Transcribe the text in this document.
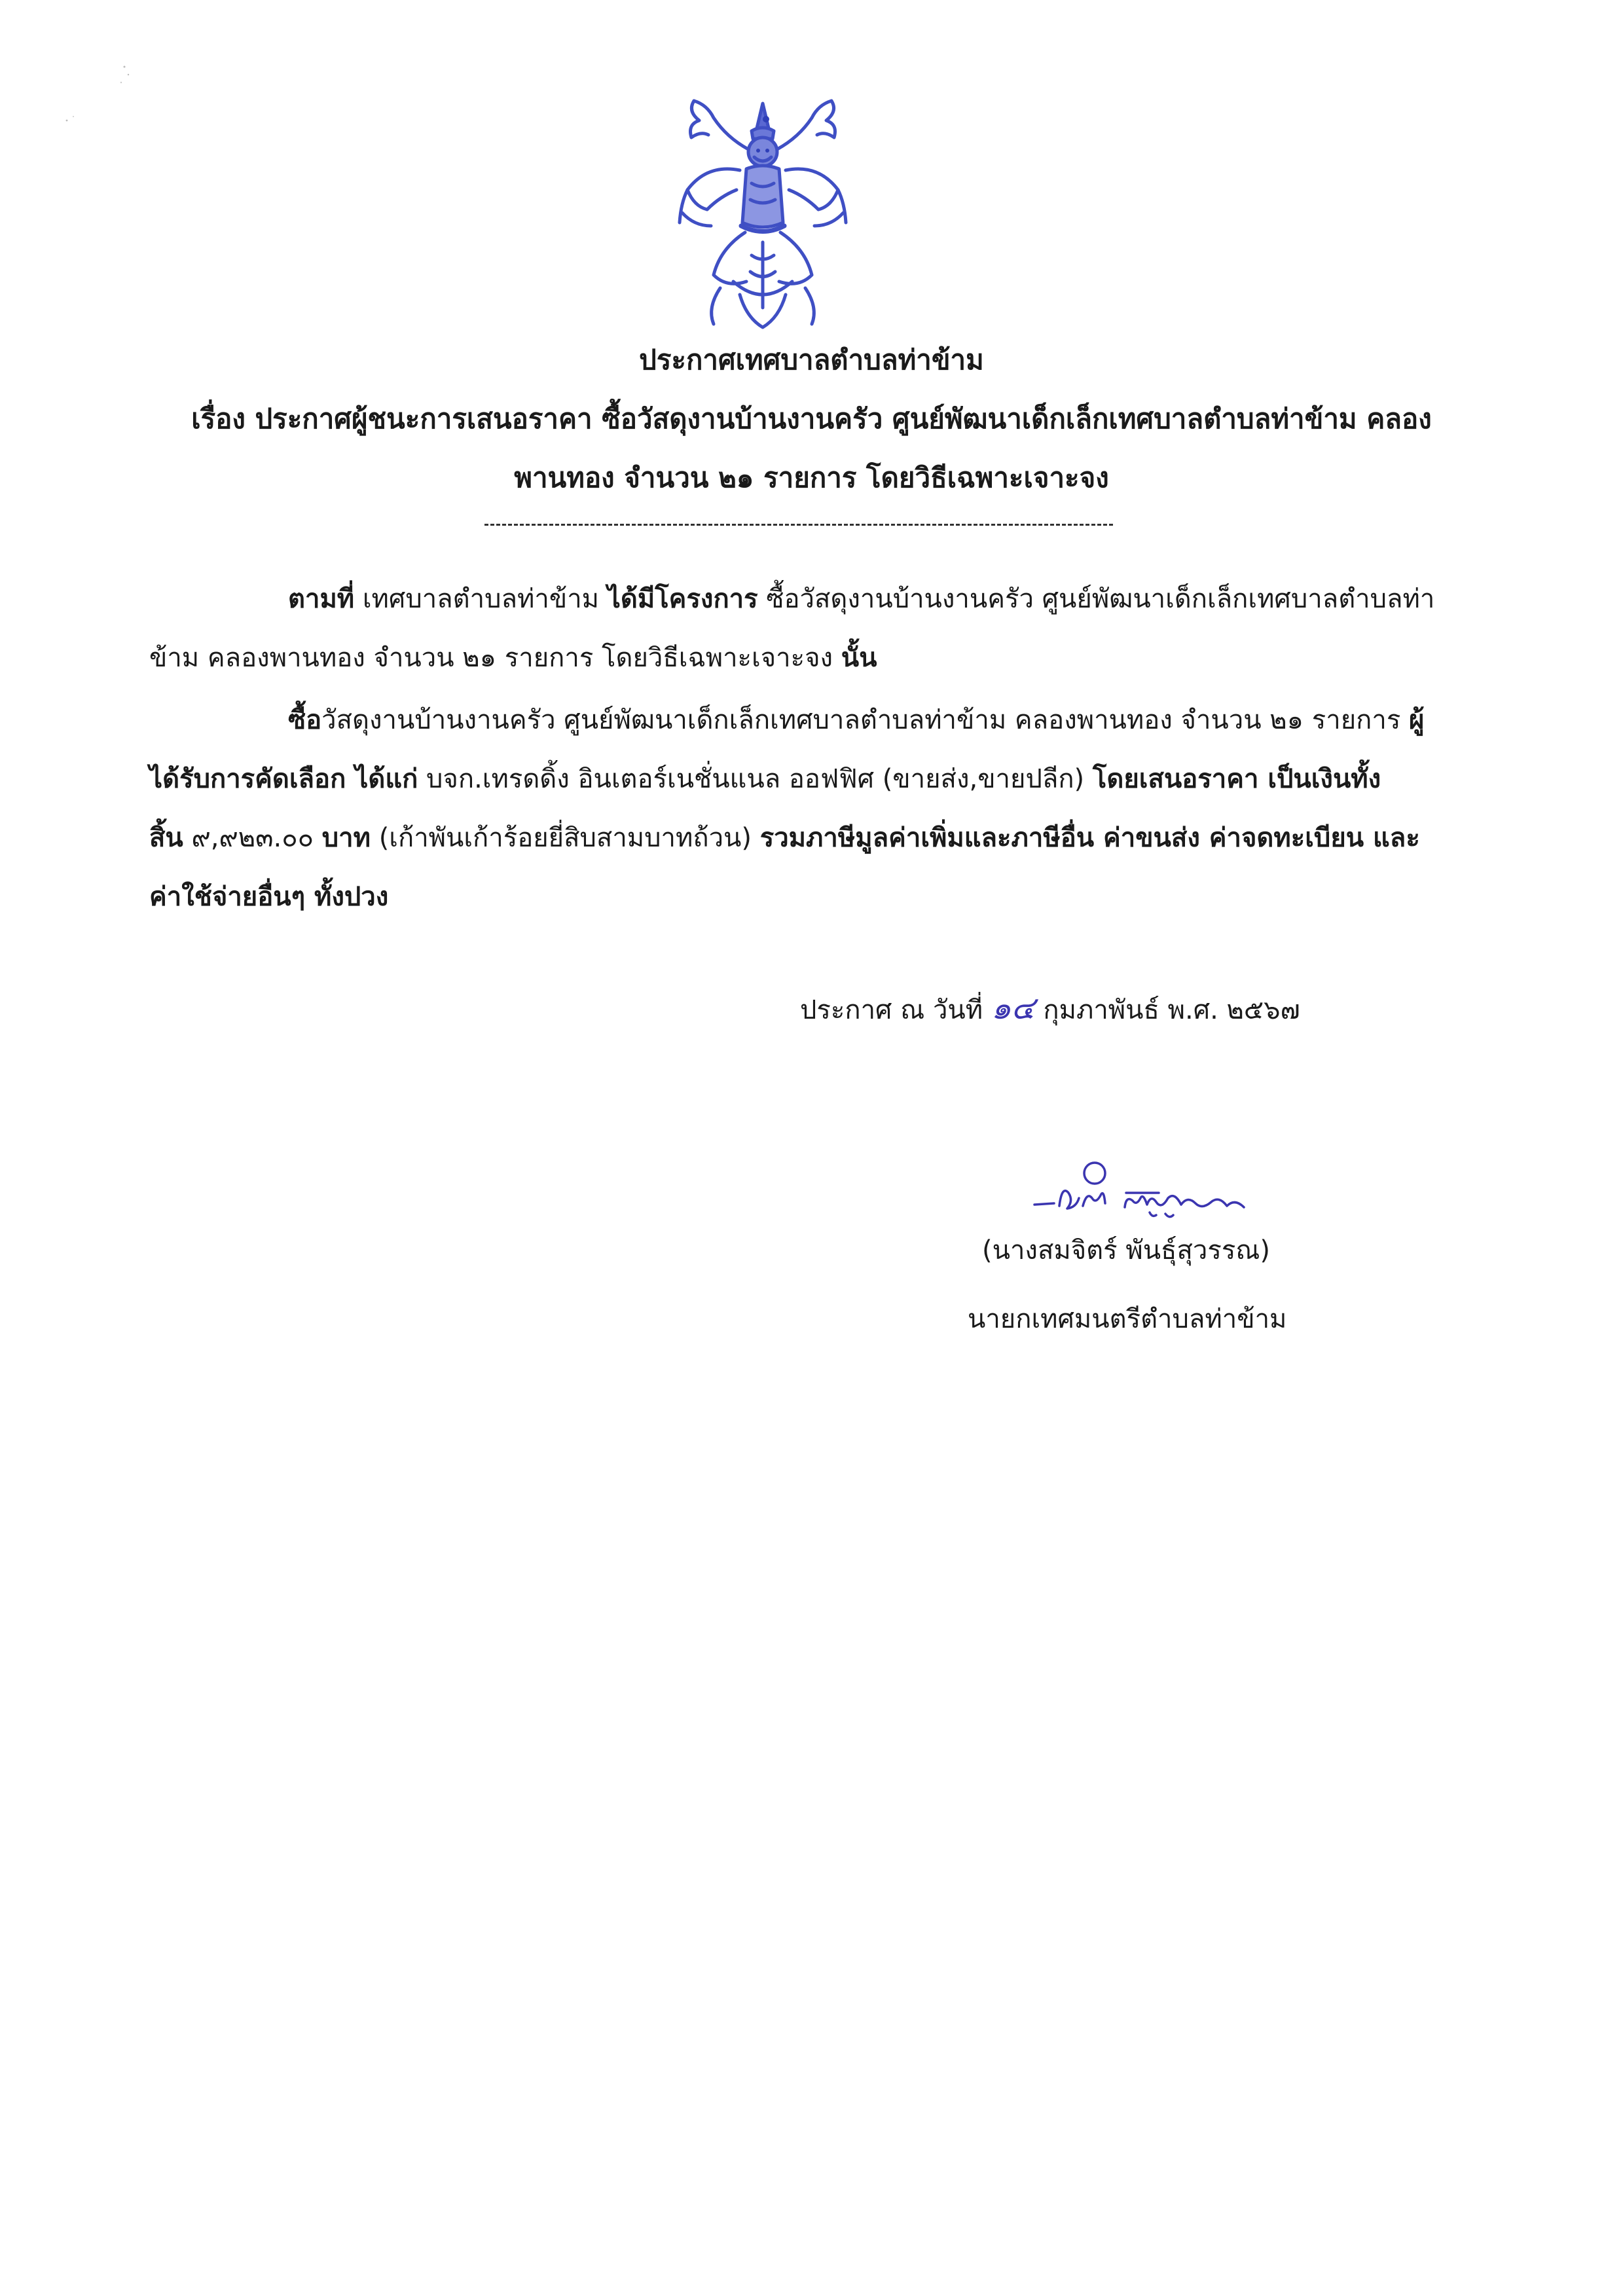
ประกาศเทศบาลตำบลท่าข้าม
เรื่อง ประกาศผู้ชนะการเสนอราคา ซื้อวัสดุงานบ้านงานครัว ศูนย์พัฒนาเด็กเล็กเทศบาลตำบลท่าข้าม คลอง
พานทอง จำนวน ๒๑ รายการ โดยวิธีเฉพาะเจาะจง
ตามที่ เทศบาลตำบลท่าข้าม ได้มีโครงการ ซื้อวัสดุงานบ้านงานครัว ศูนย์พัฒนาเด็กเล็กเทศบาลตำบลท่า
ข้าม คลองพานทอง จำนวน ๒๑ รายการ โดยวิธีเฉพาะเจาะจง นั้น
ซื้อวัสดุงานบ้านงานครัว ศูนย์พัฒนาเด็กเล็กเทศบาลตำบลท่าข้าม คลองพานทอง จำนวน ๒๑ รายการ ผู้
ได้รับการคัดเลือก ได้แก่ บจก.เทรดดิ้ง อินเตอร์เนชั่นแนล ออฟฟิศ (ขายส่ง,ขายปลีก) โดยเสนอราคา เป็นเงินทั้ง
สิ้น ๙,๙๒๓.๐๐ บาท (เก้าพันเก้าร้อยยี่สิบสามบาทถ้วน) รวมภาษีมูลค่าเพิ่มและภาษีอื่น ค่าขนส่ง ค่าจดทะเบียน และ
ค่าใช้จ่ายอื่นๆ ทั้งปวง
ประกาศ ณ วันที่ ๑๔ กุมภาพันธ์ พ.ศ. ๒๕๖๗
(นางสมจิตร์ พันธุ์สุวรรณ)
นายกเทศมนตรีตำบลท่าข้าม
